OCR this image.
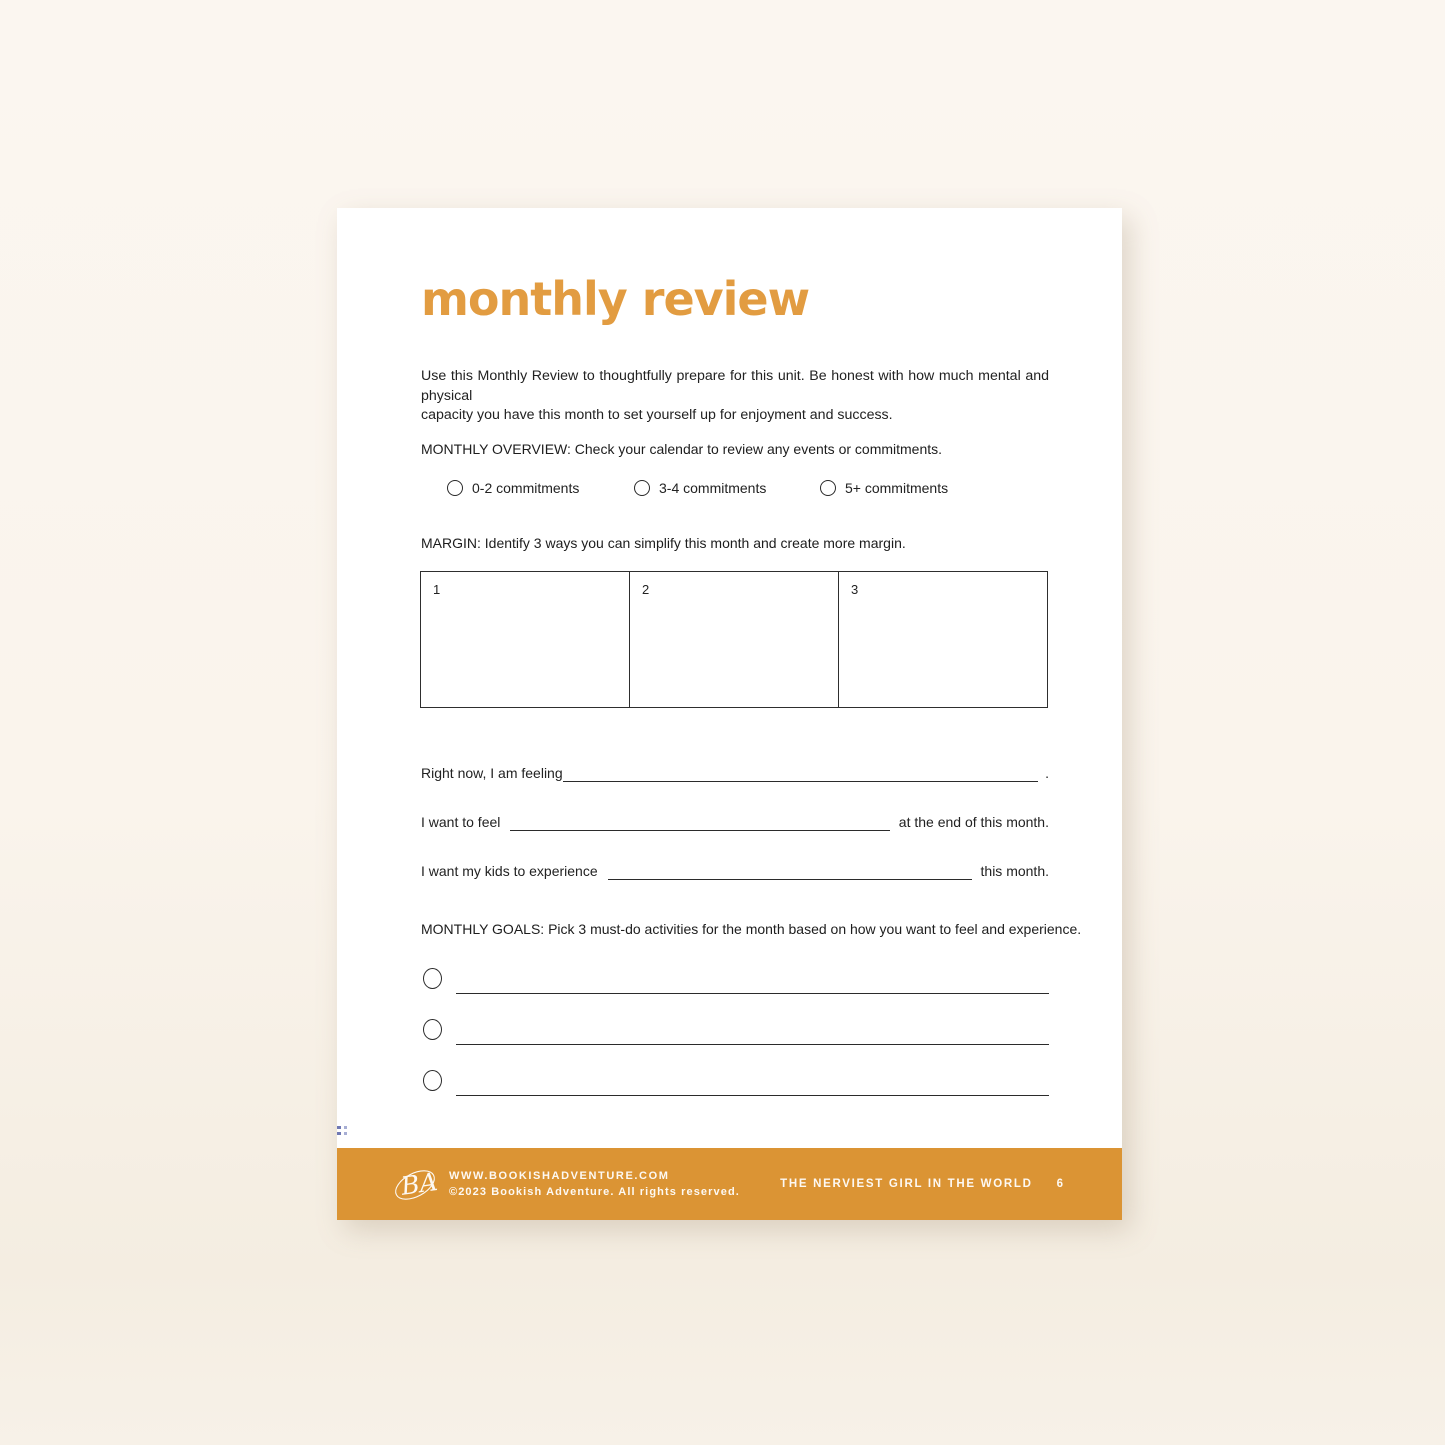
monthly review
Use this Monthly Review to thoughtfully prepare for this unit. Be honest with how much mental and physical
capacity you have this month to set yourself up for enjoyment and success.
MONTHLY OVERVIEW: Check your calendar to review any events or commitments.
0-2 commitments	3-4 commitments	5+ commitments
MARGIN: Identify 3 ways you can simplify this month and create more margin.
1	2	3
Right now, I am feeling	.
I want to feel	at the end of this month.
I want my kids to experience	this month.
MONTHLY GOALS: Pick 3 must-do activities for the month based on how you want to feel and experience.
BA WWW.BOOKISHADVENTURE.COM
©2023 Bookish Adventure. All rights reserved.
THE NERVIEST GIRL IN THE WORLD 6
